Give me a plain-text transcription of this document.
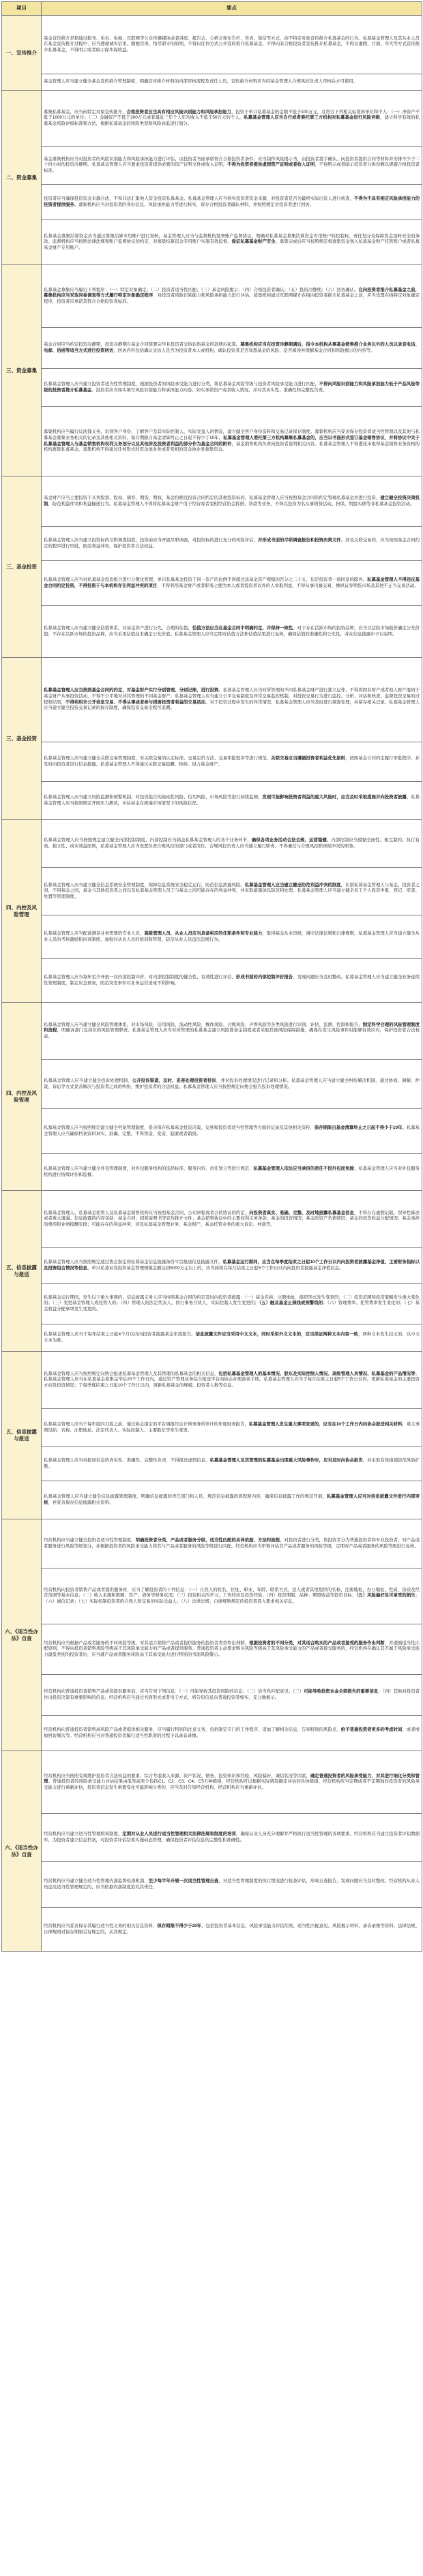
项目	要点
一、宣传推介	基金宣传推介是指通过报刊、电台、电视、互联网等公众传播媒体或者讲座、报告会、分析会和布告栏、传真、短信等方式，向不特定对象宣传推介私募基金的行为。私募基金管理人及其从业人员在基金宣传推介过程中，应当遵循诚实信用、勤勉尽责、恪尽职守的原则，不得以任何方式公开宣传推介私募基金，不得向非合格投资者宣传推介私募基金，不得以虚假、片面、夸大等方式宣传推介私募基金，不得明示或者暗示保本保收益。
	基金管理人应当建立健全基金宣传推介管理制度，明确宣传推介材料的内部审核流程及责任人员，宣传推介材料应当经基金管理人合规风控负责人审核后方可使用。
二、资金募集	募集私募基金，应当向特定对象宣传推介，合格投资者应当具有相应风险识别能力和风险承担能力，投资于单只私募基金的金额不低于100万元，且符合下列相关标准的单位和个人：（一）净资产不低于1000万元的单位；（二）金融资产不低于300万元或者最近三年个人年均收入不低于50万元的个人。私募基金管理人应当自行或者委托第三方机构对私募基金进行风险评级，建立科学有效的私募基金风险评级标准和方法，根据私募基金的风险类型和风险高低进行划分。
	基金募集机构应当对投资者的风险识别能力和风险承担能力进行评估，由投资者书面承诺符合合格投资者条件；应当制作风险揭示书，由投资者签字确认。向投资者提供合同等材料并安排不少于二十四小时的投资冷静期。私募基金管理人应当要求投资者提供必要的资产证明文件或收入证明，不得为投资者提供虚假资产证明或者收入证明，不得明示或者暗示投资者分拆份额以规避合格投资者标准。
	投资者应当确保投资资金来源合法，不得非法汇集他人资金投资私募基金。私募基金管理人应当核实投资者资金来源，对投资者是否为最终实际出资人进行核查，不得为不具有相应风险承担能力的投资者提供服务。募集机构应当对投资者的身份信息、风险承担能力等进行核实，留存合格投资者确认材料，并按照规定对投资者进行回访。
	私募基金募集结算资金应当通过募集结算专用账户进行划转，基金管理人应当与监督机构签署账户监督协议，明确对私募基金募集结算资金专用账户的控制权、责任划分及保障资金划转安全的条款。监督机构应当按照法律法规和账户监督协议的约定，对募集结算资金专用账户实施有效监督，保证私募基金财产安全。募集完成后应当按照规定将募集资金划入私募基金财产托管账户或者私募基金财产专用账户。
三、资金募集	私募基金募集应当履行下列程序：（一）特定对象确定；（二）投资者适当性匹配；（三）基金风险揭示；（四）合格投资者确认；（五）投资冷静期；（六）回访确认。在向投资者推介私募基金之前，募集机构应当采取问卷调查等方式履行特定对象确定程序，对投资者风险识别能力和风险承担能力进行评估。募集机构通过互联网媒介在线向投资者推介私募基金之前，应当设置在线特定对象确定程序，投资者应承诺其符合合格投资者标准。
	基金合同应当约定投资冷静期，投资冷静期自基金合同签署完毕且投资者交纳认购基金的款项后起算。募集机构应当在投资冷静期满后，指令本机构从事基金销售推介业务以外的人员以录音电话、电邮、信函等适当方式进行投资回访，回访内容包括确认受访人是否为投资者本人或机构，确认投资者是否知悉基金的风险、是否阅读并理解基金合同和风险揭示的内容等。
	私募基金管理人应当建立投资者适当性管理制度，根据投资者的风险承受能力进行分类，将私募基金风险等级与投资者风险承受能力进行匹配，不得向风险识别能力和风险承担能力低于产品风险等级的投资者推介私募基金。投资者应当如实填写风险识别能力和承担能力问卷，如实承诺资产或者收入情况，并对其真实性、准确性和完整性负责。
	募集机构应当履行反洗钱义务，识别客户身份，了解客户及其实际控制人、实际受益人的情况，建立健全客户身份资料和交易记录保存制度。募集机构应当妥善保存投资者适当性管理以及其他与私募基金募集业务相关的记录及其他相关资料，保存期限自基金清算终止之日起不得少于10年。私募基金管理人委托第三方机构募集私募基金的，应当以书面形式签订基金销售协议，并将协议中关于私募基金管理人与基金销售机构权利义务划分以及其他涉及投资者利益的部分作为基金合同的附件，基金销售机构负责向投资者说明相关内容。私募基金管理人不得委托未取得基金销售业务资格的机构募集私募基金。募集机构不得通过任何形式的资金池业务或者变相的资金池业务募集资金。
三、基金投资	基金财产应当主要投资于买卖股票、股权、债券、期货、期权、基金份额及投资合同约定的其他投资标的，私募基金管理人应当按照基金合同的约定管理私募基金并进行投资，建立健全投资决策机制，防范利益冲突和利益输送行为。私募基金管理人不得将私募基金财产用于经营或者变相经营资金拆借、贷款等业务，不得以投资为名从事借贷活动、担保、明股实债等非私募基金投资活动。
	私募基金管理人应当建立投资标的尽职调查制度，投资前应当开展尽职调查，对投资标的进行充分的风险评估，并形成书面的尽职调查报告和投资决策文件。涉及关联交易的，应当按照基金合同约定的程序进行审批，防范利益冲突，保护投资者合法权益。
	私募基金管理人应当对私募基金投资组合进行分散化管理，单只私募基金投资于同一资产的比例不得超过该基金资产规模的百分之二十五，但是投资者一致同意的除外。私募基金管理人不得违反基金合同约定投资，不得投资于与本机构存在利益冲突的项目，不得利用基金财产或者职务之便为本人或者投资者以外的人牟取利益，不得从事内幕交易、操纵证券期货市场及其他不正当交易活动。
	私募基金管理人应当建立健全估值体系，对基金资产进行公允、合理的估值，估值方法应当在基金合同中明确约定，并保持一致性。对于存在活跃市场的投资品种，应当以活跃市场报价确定公允价值；不存在活跃市场的投资品种，应当采用估值技术确定公允价值。私募基金管理人应当定期对估值方法和估值结果进行复核，确保估值的准确性和公允性，并在信息披露中予以说明。
三、基金投资	私募基金管理人应当按照基金合同的约定，对基金财产实行分别管理、分别记账，进行投资。私募基金管理人应当对所管理的不同私募基金财产进行独立运作，不得将固有财产或者他人财产混同于基金财产从事投资活动，不得不公平地对待其管理的不同基金财产。私募基金管理人应当建立公平交易制度及异常交易监控机制，对投资交易行为进行监控、分析、评估和核查，监督投资交易的过程和结果，不得利用未公开信息交易、不得从事或者参与损害投资者利益的交易活动。对于投资过程中发生的异常情况，私募基金管理人应当及时进行调查处理，并留存相关记录。私募基金管理人应当建立健全投资交易记录的保存制度，确保投资交易全程可追溯。
	私募基金管理人应当建立健全关联交易管理制度，对关联交易的认定标准、交易定价方法、交易审批程序等进行规范，关联交易应当遵循投资者利益优先原则，按照基金合同约定履行审批程序，并及时向投资者进行信息披露。私募基金管理人不得通过关联交易隐瞒、转移、侵占基金财产。
	私募基金管理人应当建立风险监测和预警机制，对投资组合的流动性风险、信用风险、市场风险等进行持续监测，发现可能影响投资者利益的重大风险时，应当及时采取措施并向投资者披露。私募基金管理人应当按照规定开展压力测试，评估基金在极端市场情况下的风险状况。
四、内控及风险管理	私募基金管理人应当按照规定建立健全内部控制制度，内部控制应当涵盖私募基金管理人的各个业务环节，确保各项业务活动合法合规、运营稳健。内部控制应当遵循全面性、相互制约、执行有效、独立性、成本效益原则，私募基金管理人应当设置负责合规风控的部门或者岗位，合规风控负责人应当独立履行职责，不得兼任与合规风控职责相冲突的职务。
	私募基金管理人应当建立健全信息系统安全管理制度，保障信息系统安全稳定运行，防范信息泄露风险。私募基金管理人应当建立健全防范利益冲突的制度，识别私募基金管理人与基金、投资者之间，不同基金之间，基金与其他投资者之间以及私募基金管理人员工与基金之间可能存在的利益冲突，并采取措施加以防范和处理。私募基金管理人应当建立健全员工个人投资申报、登记、审查、处置等管理制度。
	私募基金管理人应当配备满足业务需要的专业人员，高级管理人员、从业人员应当具备相应的任职条件和专业能力，取得基金从业资格，遵守法律法规和自律规则。私募基金管理人应当建立健全从业人员的考核激励和问责制度，加强对从业人员的培训和管理，防范从业人员违法违规行为。
	私募基金管理人应当每年至少开展一次内部控制评价，对内部控制制度的健全性、有效性进行评估，形成书面的内部控制评价报告，发现问题应当及时整改。私募基金管理人应当建立健全业务连续性管理制度，制定应急预案，防范突发事件对业务运营造成不利影响。
四、内控及风险管理	私募基金管理人应当建立健全风险管理体系，对市场风险、信用风险、流动性风险、操作风险、合规风险、声誉风险等各类风险进行识别、评估、监测、控制和报告，制定科学合理的风险管理制度和流程，明确各部门及岗位的风险管理职责。私募基金管理人应当对所管理的私募基金建立风险准备金制度或者采取其他风险保障措施，确保在发生风险事件时能够有效应对，保护投资者合法权益。
	私募基金管理人应当建立健全投诉处理机制，公开投诉渠道，及时、妥善处理投资者投诉，并对投诉处理情况进行记录和分析。私募基金管理人应当建立健全纠纷解决机制，通过协商、调解、仲裁、诉讼等方式妥善解决与投资者之间的纠纷，维护投资者的合法权益。私募基金管理人应当按照规定向协会报告投诉处理情况。
	私募基金管理人应当按照规定建立健全档案管理制度，妥善保存私募基金投资决策、交易和投资者适当性管理等方面的记录及其他相关资料，保存期限自基金清算终止之日起不得少于10年。私募基金管理人应当确保档案资料真实、准确、完整，不得伪造、变造、隐匿或者销毁。
	私募基金管理人应当建立健全外包管理制度，对外包服务机构的选择标准、服务内容、责任划分等进行规范，私募基金管理人依法应当承担的责任不因外包而免除。私募基金管理人应当对外包服务机构进行持续评估和监督。
五、信息披露与报送	私募基金管理人、私募基金托管人及私募基金销售机构应当按照基金合同、公司章程或者合伙协议的约定，向投资者真实、准确、完整、及时地披露私募基金信息，不得存在虚假记载、误导性陈述或者重大遗漏。信息披露的内容包括：基金合同；招募说明书等宣传推介文件；基金销售协议中的主要权利义务条款；基金的投资情况；基金的资产负债情况；基金的投资收益分配情况；基金承担的费用和业绩报酬安排；可能存在的利益冲突；涉及私募基金管理业务、基金财产、基金托管业务的重大诉讼、仲裁等。
	私募基金管理人应当按照规定通过协会指定的私募基金信息披露备份平台报送信息披露文件，私募基金运行期间，应当在每季度结束之日起10个工作日以内向投资者披露基金净值、主要财务指标以及投资组合情况等信息。单只私募证券投资基金管理规模金额达到5000万元以上的，应当持续在每月结束之日起5个工作日以内向投资者披露基金净值信息。
	私募基金运行期间，发生以下重大事项的，信息披露义务人应当按照基金合同的约定及时向投资者披露：（一）基金名称、注册地址、组织形式发生变更的；（二）投资范围和投资策略发生重大变化的；（三）变更基金管理人或托管人的；（四）管理人的法定代表人、执行事务合伙人、实际控制人发生变更的；（五）触及基金止损线或预警线的；（六）管理费率、托管费率发生变化的；（七）基金收益分配事项发生变更的。
	私募基金管理人应当于每年结束之日起4个月以内向投资者披露基金年度报告。信息披露文件应当采用中文文本，同时采用外文文本的，应当保证两种文本内容一致，两种文本发生歧义的，以中文文本为准。
五、信息披露与报送	私募基金管理人应当按照规定向协会报送私募基金管理人及其管理的私募基金的相关信息，包括私募基金管理人的基本情况、股东及实际控制人情况、高级管理人员情况、私募基金的产品情况等。私募基金管理人应当在私募基金募集完毕后20个工作日内，通过资产管理业务综合报送平台向协会办理备案手续。私募基金管理人应当于每月结束之日起5个工作日以内，更新私募基金的主要投资方向及投资情况；于每季度结束之日起10个工作日以内，更新私募基金的规模、投资者人数等信息。
	私募基金管理人应当于每年度四月底之前，通过协会指定的平台填报经会计师事务所审计的年度财务报告，私募基金管理人发生重大事项变更的，应当在10个工作日内向协会报送相关材料，重大事项包括：名称、注册地址、法定代表人、实际控制人、主要股东等发生变更。
	私募基金管理人应当对报送信息的真实性、准确性、完整性负责，不得报送虚假信息。私募基金管理人及其管理的私募基金出现重大风险事件时，应当及时向协会报告，并采取有效措施防范风险扩散。
	私募基金管理人应当建立健全信息披露管理制度，明确信息披露的责任部门和人员，规范信息披露的流程和内容，确保信息披露工作的规范开展。私募基金管理人应当对信息披露文件进行内部审核，并妥善保存信息披露相关资料。
六、《适当性办法》自查	经营机构应当建立健全投资者适当性管理制度，明确投资者分类、产品或者服务分级、适当性匹配的具体依据、方法和流程，对投资者进行分类，将投资者分为普通投资者和专业投资者，对产品或者服务进行风险等级划分，并根据投资者的风险承受能力将其与产品或者服务的风险等级进行匹配。经营机构应当审慎评估其产品或者服务的风险等级，定期对产品或者服务的风险等级进行复核。
	经营机构向投资者销售产品或者提供服务时，应当了解投资者的下列信息：（一）自然人的姓名、住址、职业、年龄、联系方式，法人或者其他组织的名称、注册地址、办公地址、性质、资质及经营范围等基本信息；（二）收入来源和数额、资产、债务等财务状况；（三）投资相关的学习、工作经历及投资经验；（四）投资期限、品种、期望收益等投资目标；（五）风险偏好及可承受的损失；（六）诚信记录；（七）实际控制投资者的自然人和交易的实际受益人；（八）法律法规、自律规则规定的投资者准入要求相关信息。
	经营机构应当根据产品或者服务的不同风险等级，对其适合销售产品或者提供服务的投资者类型作出判断，根据投资者的不同分类，对其适合购买的产品或者接受的服务作出判断，并遵循适当性匹配原则，不得向投资者销售风险等级高于其风险承受能力的产品或者提供服务。普通投资者主动要求购买风险等级高于其风险承受能力的产品或者接受服务的，经营机构在确认其不属于风险承受能力最低类别的投资者后，应当就产品或者服务风险高于其承受能力进行特别的书面风险警示。
	经营机构向普通投资者销售产品或者提供服务前，应当告知下列信息：（一）可能导致其投资风险的信息；（二）适当性匹配意见；（三）可能导致投资本金全部损失的重要信息；（四）其他对投资者作出投资决策有重要影响的信息。经营机构应当通过书面形式或者电子方式，将告知信息向普通投资者如实、充分地揭示。
	经营机构向普通投资者销售高风险产品或者提供相关服务，应当履行特别的注意义务，包括制定专门的工作程序，追加了解相关信息，告知特别的风险点，给予普通投资者更多的考虑时间，或者增加回访频次等。经营机构应当对普通投资者履行适当性职责的过程予以录音录像。
六、《适当性办法》自查	经营机构应当按照有效维护投资者合法权益的要求，综合考虑收入来源、资产状况、债务、投资知识和经验、风险偏好、诚信状况等因素，确定普通投资者的风险承受能力，对其进行细化分类和管理。普通投资者的风险承受能力评估结果由低至高至少包括C1、C2、C3、C4、C5五种级别，经营机构可以根据实际情况确定评估的具体级别。经营机构应当定期或者不定期地对投资者的风险承受能力进行重新评估，投资者信息发生重要变化可能影响分类的，应当及时告知经营机构，经营机构应当重新评估。
	经营机构应当建立适当性管理培训制度，定期对从业人员进行适当性管理相关法律法规和制度的培训，确保从业人员充分理解并严格执行适当性管理的各项要求。经营机构应当建立投资者评估数据库，为投资者建立信息档案，对投资者评估结果实施动态管理，确保投资者评估信息的完整性和准确性。
	经营机构应当建立健全适当性管理内部监督检查机制，至少每半年开展一次适当性管理自查，对适当性管理制度的执行情况进行检查评估，形成自查报告，发现问题应当及时整改。经营机构从业人员违反适当性管理规定的，应当依据内部制度追究其责任。
	经营机构应当妥善保存其履行适当性义务的相关信息资料，保存期限不得少于20年，包括投资者基本信息、风险承受能力评估结果、适当性匹配意见、风险揭示材料、录音录像等资料。法律法规、自律规则对保存期限另有规定的，从其规定。
